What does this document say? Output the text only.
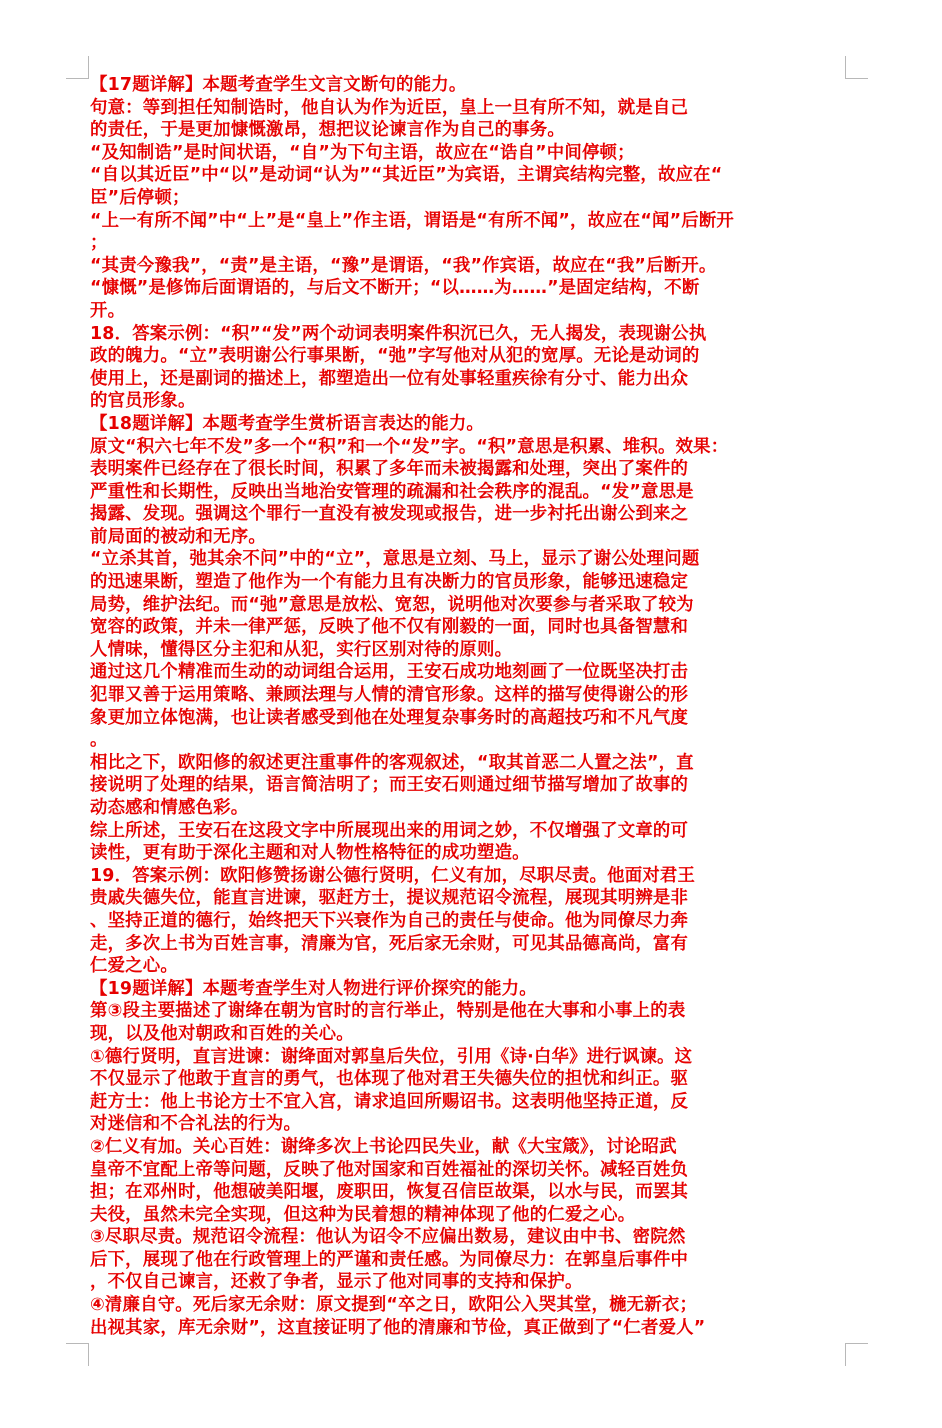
【17题详解】本题考查学生文言文断句的能力。

句意：等到担任知制诰时，他自认为作为近臣，皇上一旦有所不知，就是自己

的责任，于是更加慷慨激昂，想把议论谏言作为自己的事务。

“及知制诰”是时间状语，“自”为下句主语，故应在“诰自”中间停顿；

“自以其近臣”中“以”是动词“认为”“其近臣”为宾语，主谓宾结构完整，故应在“

臣”后停顿；

“上一有所不闻”中“上”是“皇上”作主语，谓语是“有所不闻”，故应在“闻”后断开

；

“其责今豫我”，“责”是主语，“豫”是谓语，“我”作宾语，故应在“我”后断开。

“慷慨”是修饰后面谓语的，与后文不断开；“以……为……”是固定结构，不断

开。

18．答案示例：“积”“发”两个动词表明案件积沉已久，无人揭发，表现谢公执

政的魄力。“立”表明谢公行事果断，“弛”字写他对从犯的宽厚。无论是动词的

使用上，还是副词的描述上，都塑造出一位有处事轻重疾徐有分寸、能力出众

的官员形象。

【18题详解】本题考查学生赏析语言表达的能力。

原文“积六七年不发”多一个“积”和一个“发”字。“积”意思是积累、堆积。效果：

表明案件已经存在了很长时间，积累了多年而未被揭露和处理，突出了案件的

严重性和长期性，反映出当地治安管理的疏漏和社会秩序的混乱。“发”意思是

揭露、发现。强调这个罪行一直没有被发现或报告，进一步衬托出谢公到来之

前局面的被动和无序。

“立杀其首，弛其余不问”中的“立”，意思是立刻、马上，显示了谢公处理问题

的迅速果断，塑造了他作为一个有能力且有决断力的官员形象，能够迅速稳定

局势，维护法纪。而“弛”意思是放松、宽恕，说明他对次要参与者采取了较为

宽容的政策，并未一律严惩，反映了他不仅有刚毅的一面，同时也具备智慧和

人情味，懂得区分主犯和从犯，实行区别对待的原则。

通过这几个精准而生动的动词组合运用，王安石成功地刻画了一位既坚决打击

犯罪又善于运用策略、兼顾法理与人情的清官形象。这样的描写使得谢公的形

象更加立体饱满，也让读者感受到他在处理复杂事务时的高超技巧和不凡气度

。

相比之下，欧阳修的叙述更注重事件的客观叙述，“取其首恶二人置之法”，直

接说明了处理的结果，语言简洁明了；而王安石则通过细节描写增加了故事的

动态感和情感色彩。

综上所述，王安石在这段文字中所展现出来的用词之妙，不仅增强了文章的可

读性，更有助于深化主题和对人物性格特征的成功塑造。

19．答案示例：欧阳修赞扬谢公德行贤明，仁义有加，尽职尽责。他面对君王

贵戚失德失位，能直言进谏，驱赶方士，提议规范诏令流程，展现其明辨是非

、坚持正道的德行，始终把天下兴衰作为自己的责任与使命。他为同僚尽力奔

走，多次上书为百姓言事，清廉为官，死后家无余财，可见其品德高尚，富有

仁爱之心。

【19题详解】本题考查学生对人物进行评价探究的能力。

第③段主要描述了谢绛在朝为官时的言行举止，特别是他在大事和小事上的表

现，以及他对朝政和百姓的关心。

①德行贤明，直言进谏：谢绛面对郭皇后失位，引用《诗·白华》进行讽谏。这

不仅显示了他敢于直言的勇气，也体现了他对君王失德失位的担忧和纠正。驱

赶方士：他上书论方士不宜入宫，请求追回所赐诏书。这表明他坚持正道，反

对迷信和不合礼法的行为。

②仁义有加。关心百姓：谢绛多次上书论四民失业，献《大宝箴》，讨论昭武

皇帝不宜配上帝等问题，反映了他对国家和百姓福祉的深切关怀。减轻百姓负

担；在邓州时，他想破美阳堰，废职田，恢复召信臣故渠，以水与民，而罢其

夫役，虽然未完全实现，但这种为民着想的精神体现了他的仁爱之心。

③尽职尽责。规范诏令流程：他认为诏令不应偏出数易，建议由中书、密院然

后下，展现了他在行政管理上的严谨和责任感。为同僚尽力：在郭皇后事件中

，不仅自己谏言，还救了争者，显示了他对同事的支持和保护。

④清廉自守。死后家无余财：原文提到“卒之日，欧阳公入哭其堂，椸无新衣；

出视其家，库无余财”，这直接证明了他的清廉和节俭，真正做到了“仁者爱人”
